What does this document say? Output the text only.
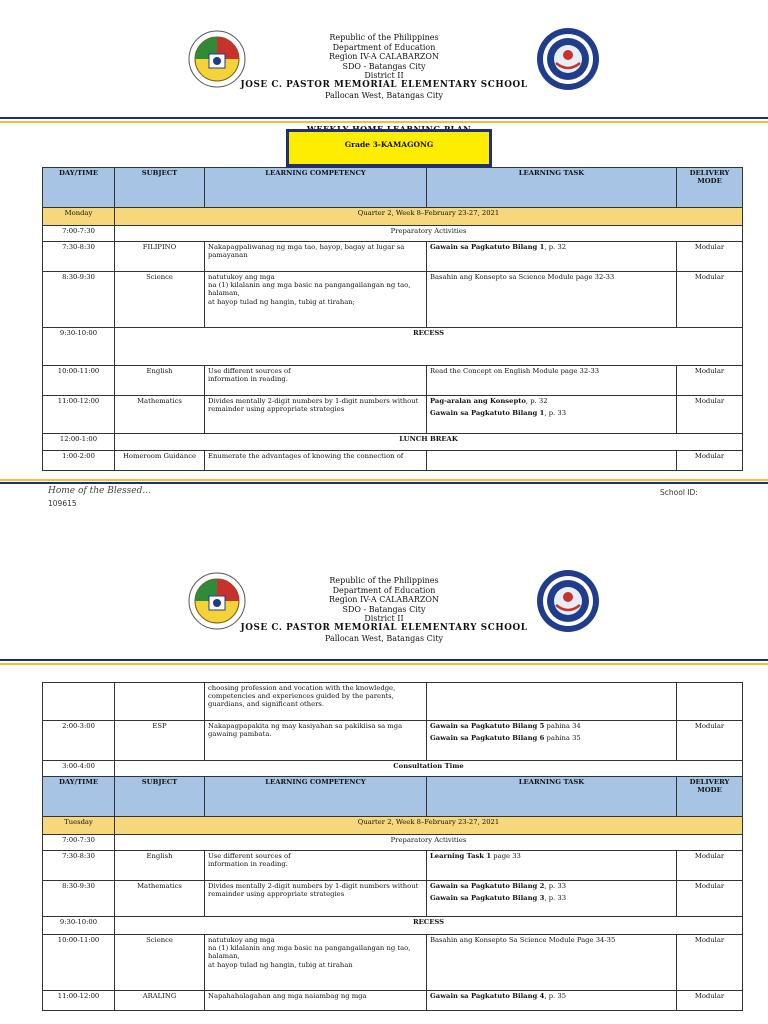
Republic of the Philippines
Department of Education
Region IV-A CALABARZON
SDO - Batangas City
District II
JOSE C. PASTOR MEMORIAL ELEMENTARY SCHOOL
Pallocan West, Batangas City
Grade 3-KAMAGONG
DAY/TIME	SUBJECT	LEARNING COMPETENCY	LEARNING TASK	DELIVERY MODE
Monday	Quarter 2, Week 8–February 23-27, 2021			
7:00-7:30	Preparatory Activities			
7:30-8:30	FILIPINO	Nakapagpaliwanag ng mga tao, hayop, bagay at lugar sa pamayanan	Gawain sa Pagkatuto Bilang 1, p. 32	Modular
8:30-9:30	Science	natutukoy ang mga
na (1) kilalanin ang mga basic na pangangailangan ng tao, halaman,
at hayop tulad ng hangin, tubig at tirahan;	Basahin ang Konsepto sa Science Module page 32-33	Modular
9:30-10:00	RECESS			
10:00-11:00	English	Use different sources of
information in reading.	Read the Concept on English Module page 32-33	Modular
11:00-12:00	Mathematics	Divides mentally 2-digit numbers by 1-digit numbers without remainder using appropriate strategies	Pag-aralan ang Konsepto, p. 32
Gawain sa Pagkatuto Bilang 1, p. 33	Modular
12:00-1:00	LUNCH BREAK			
1:00-2:00	Homeroom Guidance	Enumerate the advantages of knowing the connection of		Modular
Home of the Blessed...
109615
School ID:
Republic of the Philippines
Department of Education
Region IV-A CALABARZON
SDO - Batangas City
District II
JOSE C. PASTOR MEMORIAL ELEMENTARY SCHOOL
Pallocan West, Batangas City
		choosing profession and vocation with the knowledge, competencies and experiences guided by the parents, guardians, and significant others.		
2:00-3:00	ESP	Nakapagpapakita ng may kasiyahan sa pakikiisa sa mga gawaing pambata.	Gawain sa Pagkatuto Bilang 5 pahina 34
Gawain sa Pagkatuto Bilang 6 pahina 35	Modular
3:00-4:00	Consultation Time			
DAY/TIME	SUBJECT	LEARNING COMPETENCY	LEARNING TASK	DELIVERY MODE
Tuesday	Quarter 2, Week 8–February 23-27, 2021			
7:00-7:30	Preparatory Activities			
7:30-8:30	English	Use different sources of
information in reading.	Learning Task 1 page 33	Modular
8:30-9:30	Mathematics	Divides mentally 2-digit numbers by 1-digit numbers without remainder using appropriate strategies	Gawain sa Pagkatuto Bilang 2, p. 33
Gawain sa Pagkatuto Bilang 3, p. 33	Modular
9:30-10:00	RECESS			
10:00-11:00	Science	natutukoy ang mga
na (1) kilalanin ang mga basic na pangangailangan ng tao, halaman,
at hayop tulad ng hangin, tubig at tirahan	Basahin ang Konsepto Sa Science Module Page 34-35	Modular
11:00-12:00	ARALING	Napahahalagahan ang mga naiambag ng mga	Gawain sa Pagkatuto Bilang 4, p. 35	Modular
